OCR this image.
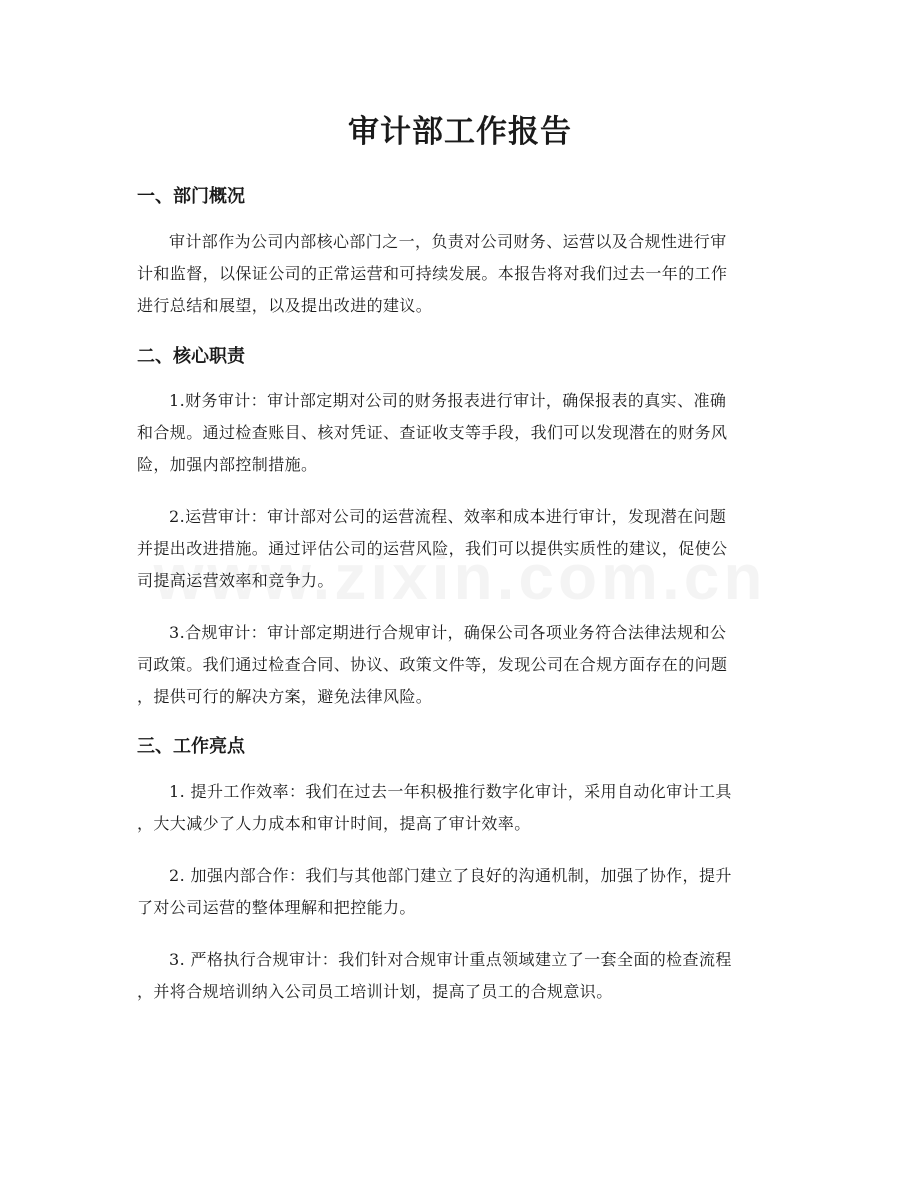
审计部工作报告
一、部门概况

审计部作为公司内部核心部门之一，负责对公司财务、运营以及合规性进行审
计和监督，以保证公司的正常运营和可持续发展。本报告将对我们过去一年的工作
进行总结和展望，以及提出改进的建议。

二、核心职责

1.财务审计：审计部定期对公司的财务报表进行审计，确保报表的真实、准确
和合规。通过检查账目、核对凭证、查证收支等手段，我们可以发现潜在的财务风
险，加强内部控制措施。

2.运营审计：审计部对公司的运营流程、效率和成本进行审计，发现潜在问题
并提出改进措施。通过评估公司的运营风险，我们可以提供实质性的建议，促使公
司提高运营效率和竞争力。

3.合规审计：审计部定期进行合规审计，确保公司各项业务符合法律法规和公
司政策。我们通过检查合同、协议、政策文件等，发现公司在合规方面存在的问题
，提供可行的解决方案，避免法律风险。

三、工作亮点

1. 提升工作效率：我们在过去一年积极推行数字化审计，采用自动化审计工具
，大大减少了人力成本和审计时间，提高了审计效率。

2. 加强内部合作：我们与其他部门建立了良好的沟通机制，加强了协作，提升
了对公司运营的整体理解和把控能力。

3. 严格执行合规审计：我们针对合规审计重点领域建立了一套全面的检查流程
，并将合规培训纳入公司员工培训计划，提高了员工的合规意识。
